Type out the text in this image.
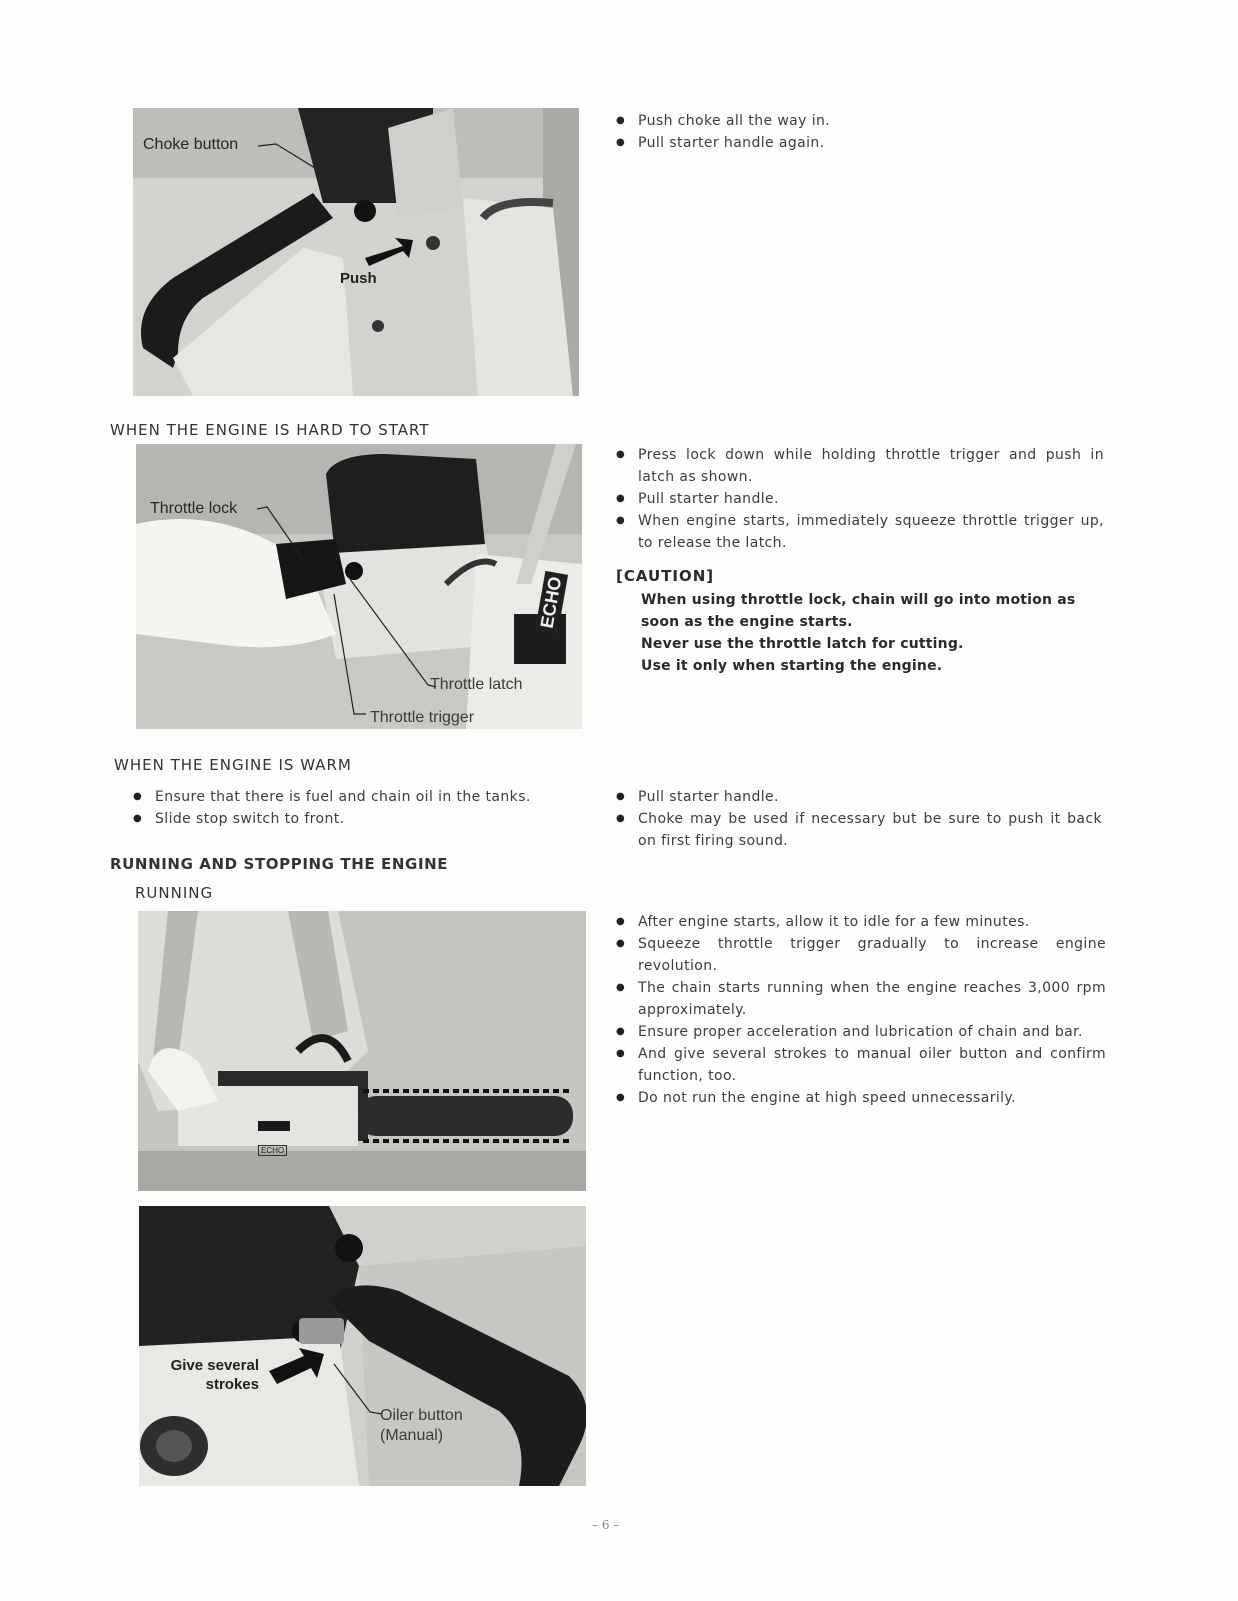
Choke button
Push
● Push choke all the way in.
● Pull starter handle again.
WHEN THE ENGINE IS HARD TO START
Throttle lock
ECHO
Throttle latch
Throttle trigger
● Press lock down while holding throttle trigger and push in latch as shown.
● Pull starter handle.
● When engine starts, immediately squeeze throttle trigger up, to release the latch.
[CAUTION]
When using throttle lock, chain will go into motion as soon as the engine starts.
Never use the throttle latch for cutting.
Use it only when starting the engine.
WHEN THE ENGINE IS WARM
● Ensure that there is fuel and chain oil in the tanks.
● Slide stop switch to front.
● Pull starter handle.
● Choke may be used if necessary but be sure to push it back on first firing sound.
RUNNING AND STOPPING THE ENGINE
RUNNING
ECHO
● After engine starts, allow it to idle for a few minutes.
● Squeeze throttle trigger gradually to increase engine revolution.
● The chain starts running when the engine reaches 3,000 rpm approximately.
● Ensure proper acceleration and lubrication of chain and bar.
● And give several strokes to manual oiler button and confirm function, too.
● Do not run the engine at high speed unnecessarily.
Give several
strokes
Oiler button
(Manual)
– 6 –
